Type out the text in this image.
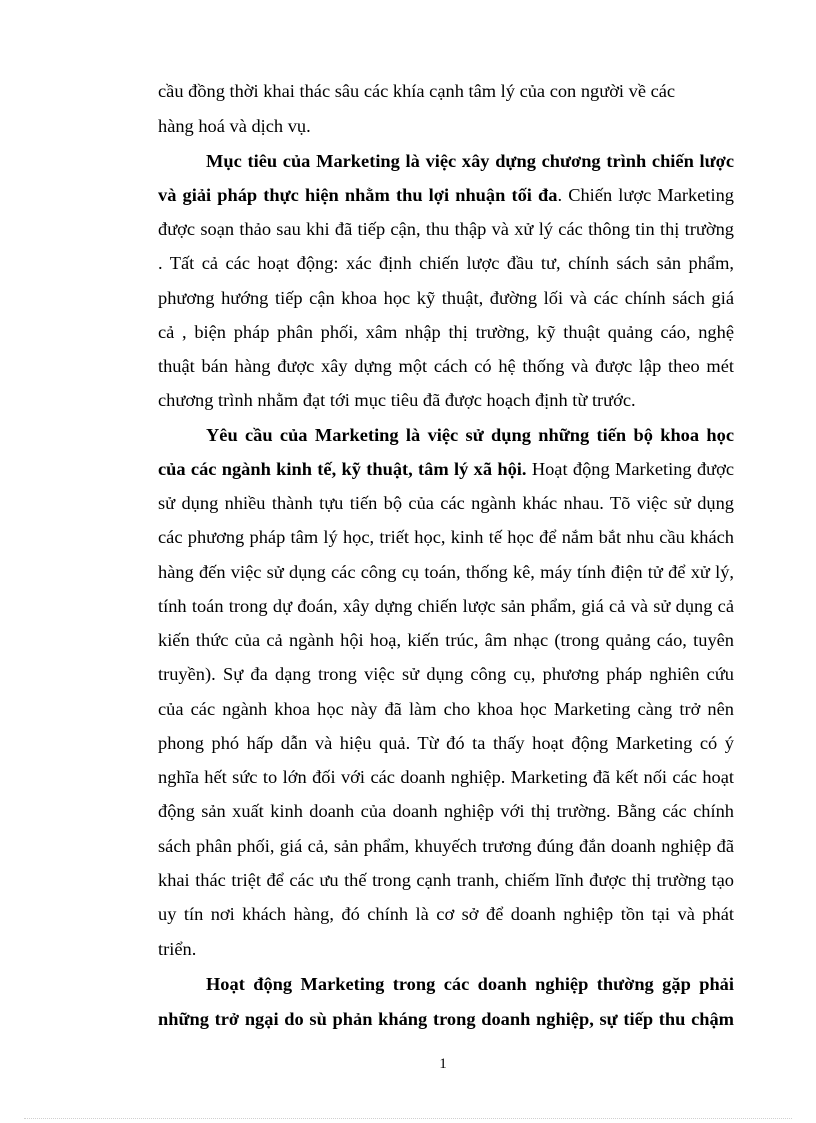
cầu đồng thời khai thác sâu các khía cạnh tâm lý của con người về các
hàng hoá và dịch vụ.
Mục tiêu của Marketing là việc xây dựng chương trình chiến lược
và giải pháp thực hiện nhằm thu lợi nhuận tối đa. Chiến lược Marketing
được soạn thảo sau khi đã tiếp cận, thu thập và xử lý các thông tin thị trường
. Tất cả các hoạt động: xác định chiến lược đầu tư, chính sách sản phẩm,
phương hướng tiếp cận khoa học kỹ thuật, đường lối và các chính sách giá
cả , biện pháp phân phối, xâm nhập thị trường, kỹ thuật quảng cáo, nghệ
thuật bán hàng được xây dựng một cách có hệ thống và được lập theo mét
chương trình nhằm đạt tới mục tiêu đã được hoạch định từ trước.
Yêu cầu của Marketing là việc sử dụng những tiến bộ khoa học
của các ngành kinh tế, kỹ thuật, tâm lý xã hội. Hoạt động Marketing được
sử dụng nhiều thành tựu tiến bộ của các ngành khác nhau. Tõ việc sử dụng
các phương pháp tâm lý học, triết học, kinh tế học để nắm bắt nhu cầu khách
hàng đến việc sử dụng các công cụ toán, thống kê, máy tính điện tử để xử lý,
tính toán trong dự đoán, xây dựng chiến lược sản phẩm, giá cả và sử dụng cả
kiến thức của cả ngành hội hoạ, kiến trúc, âm nhạc (trong quảng cáo, tuyên
truyền). Sự đa dạng trong việc sử dụng công cụ, phương pháp nghiên cứu
của các ngành khoa học này đã làm cho khoa học Marketing càng trở nên
phong phó hấp dẫn và hiệu quả. Từ đó ta thấy hoạt động Marketing có ý
nghĩa hết sức to lớn đối với các doanh nghiệp. Marketing đã kết nối các hoạt
động sản xuất kinh doanh của doanh nghiệp với thị trường. Bằng các chính
sách phân phối, giá cả, sản phẩm, khuyếch trương đúng đắn doanh nghiệp đã
khai thác triệt để các ưu thế trong cạnh tranh, chiếm lĩnh được thị trường tạo
uy tín nơi khách hàng, đó chính là cơ sở để doanh nghiệp tồn tại và phát
triển.
Hoạt động Marketing trong các doanh nghiệp thường gặp phải
những trở ngại do sù phản kháng trong doanh nghiệp, sự tiếp thu chậm
1
